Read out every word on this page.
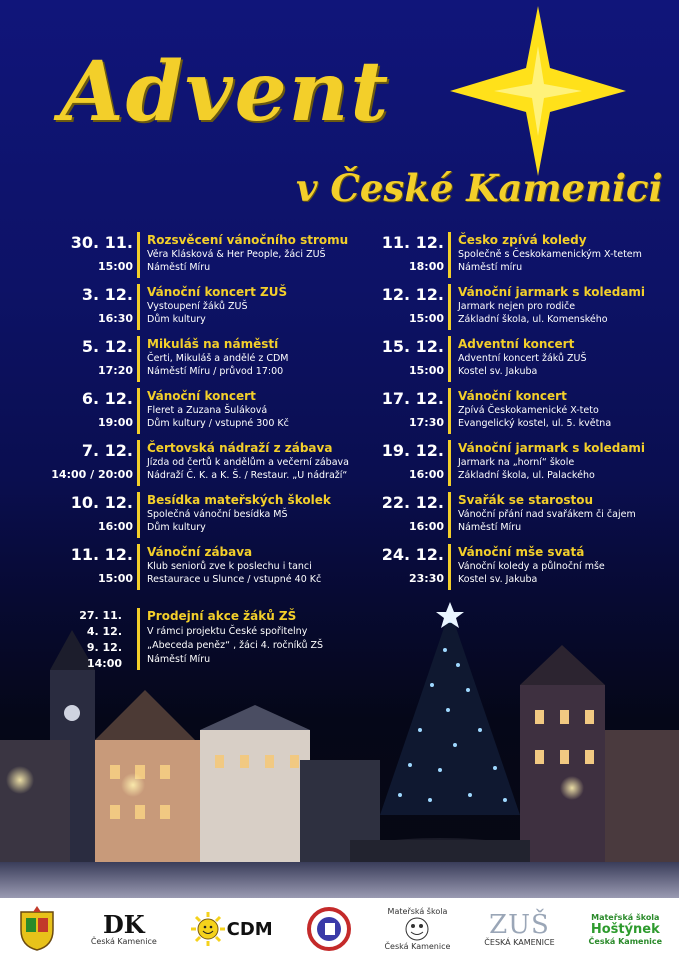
Advent
v České Kamenici
30. 11.
15:00
Rozsvěcení vánočního stromu
Věra Klásková & Her People, žáci ZUŠ
Náměstí Míru
3. 12.
16:30
Vánoční koncert ZUŠ
Vystoupení žáků ZUŠ
Dům kultury
5. 12.
17:20
Mikuláš na náměstí
Čerti, Mikuláš a andělé z CDM
Náměstí Míru / průvod 17:00
6. 12.
19:00
Vánoční koncert
Fleret a Zuzana Šuláková
Dům kultury / vstupné 300 Kč
7. 12.
14:00 / 20:00
Čertovská nádraží z zábava
Jízda od čertů k andělům a večerní zábava
Nádraží Č. K. a K. Š. / Restaur. „U nádraží“
10. 12.
16:00
Besídka mateřských školek
Společná vánoční besídka MŠ
Dům kultury
11. 12.
15:00
Vánoční zábava
Klub seniorů zve k poslechu i tanci
Restaurace u Slunce / vstupné 40 Kč
11. 12.
18:00
Česko zpívá koledy
Společně s Českokamenickým X-tetem
Náměstí míru
12. 12.
15:00
Vánoční jarmark s koledami
Jarmark nejen pro rodiče
Základní škola, ul. Komenského
15. 12.
15:00
Adventní koncert
Adventní koncert žáků ZUŠ
Kostel sv. Jakuba
17. 12.
17:30
Vánoční koncert
Zpívá Českokamenické X-teto
Evangelický kostel, ul. 5. května
19. 12.
16:00
Vánoční jarmark s koledami
Jarmark na „horní“ škole
Základní škola, ul. Palackého
22. 12.
16:00
Svařák se starostou
Vánoční přání nad svařákem či čajem
Náměstí Míru
24. 12.
23:30
Vánoční mše svatá
Vánoční koledy a půlnoční mše
Kostel sv. Jakuba
27. 11.
4. 12.
9. 12.
14:00
Prodejní akce žáků ZŠ
V rámci projektu České spořitelny
„Abeceda peněz“ , žáci 4. ročníků ZŠ
Náměstí Míru
DK
Česká Kamenice
CDM
Mateřská škola
Česká Kamenice
ZUŠ
ČESKÁ KAMENICE
Mateřská škola
Hoštýnek
Česká Kamenice
